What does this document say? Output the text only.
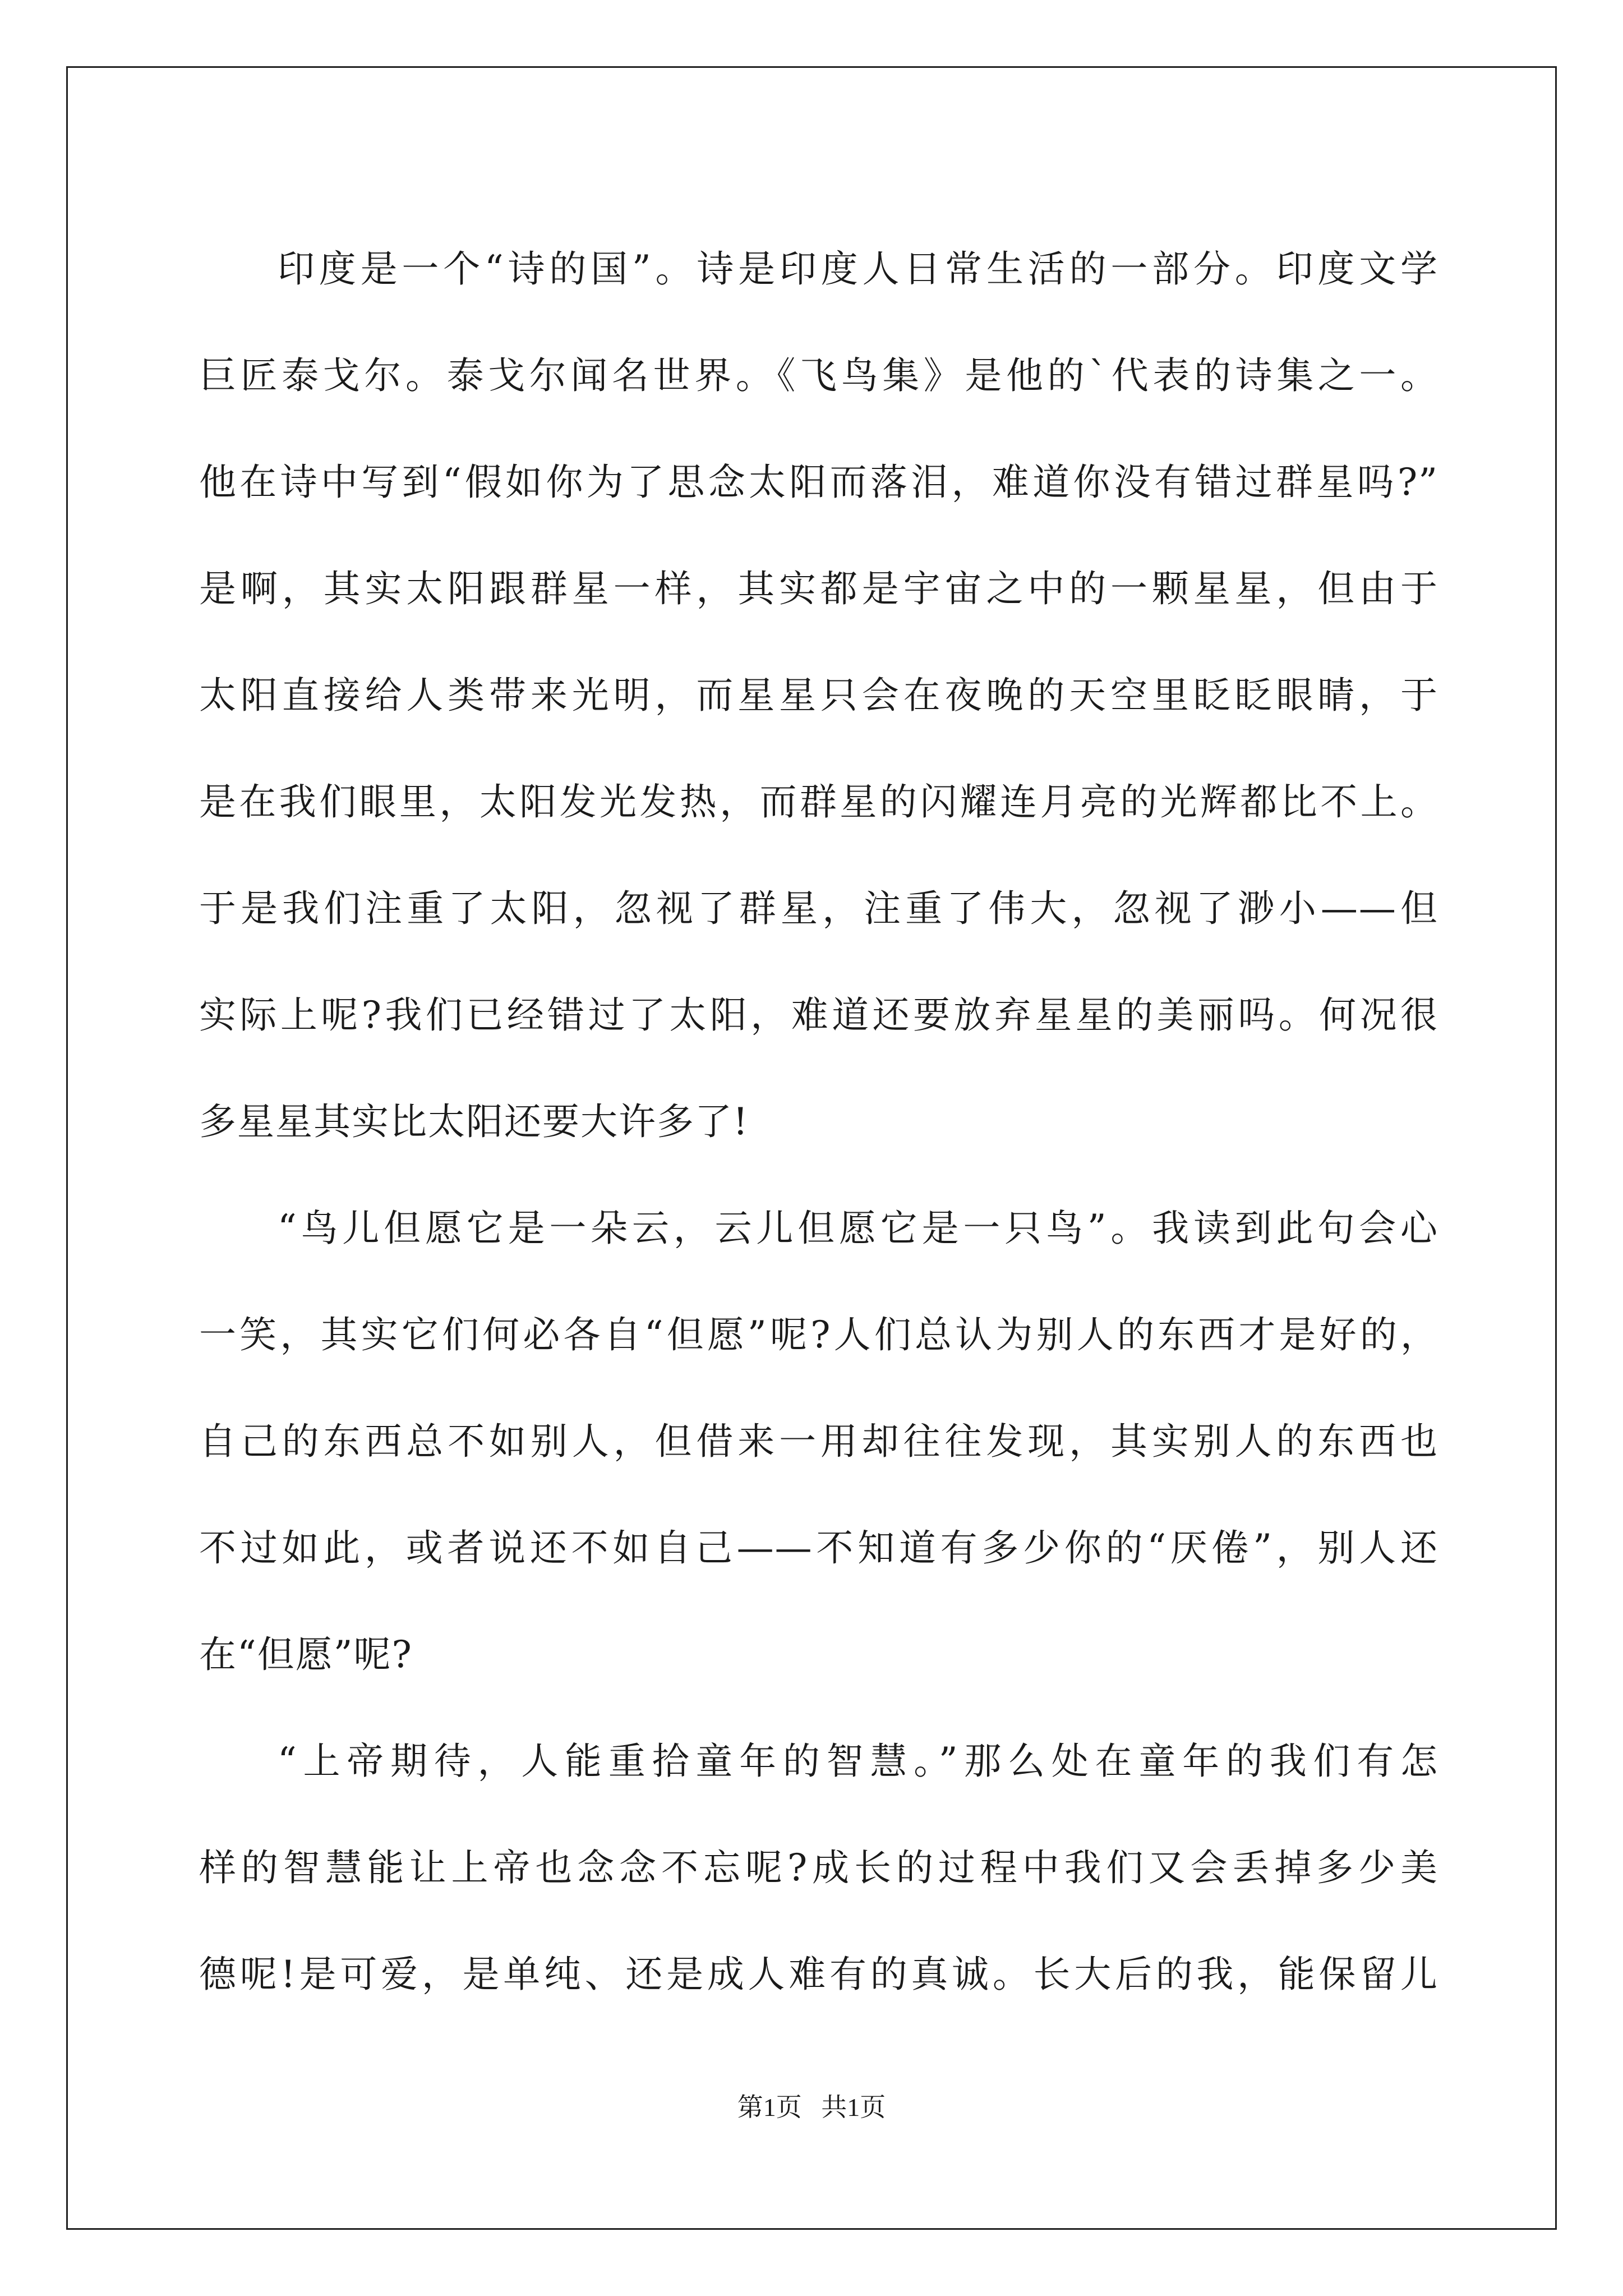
印度是一个“诗的国”。诗是印度人日常生活的一部分。印度文学
巨匠泰戈尔。泰戈尔闻名世界。《飞鸟集》是他的`代表的诗集之一。
他在诗中写到“假如你为了思念太阳而落泪，难道你没有错过群星吗?”
是啊，其实太阳跟群星一样，其实都是宇宙之中的一颗星星，但由于
太阳直接给人类带来光明，而星星只会在夜晚的天空里眨眨眼睛，于
是在我们眼里，太阳发光发热，而群星的闪耀连月亮的光辉都比不上。
于是我们注重了太阳，忽视了群星，注重了伟大，忽视了渺小——但
实际上呢?我们已经错过了太阳，难道还要放弃星星的美丽吗。何况很
多星星其实比太阳还要大许多了!
“鸟儿但愿它是一朵云，云儿但愿它是一只鸟”。我读到此句会心
一笑，其实它们何必各自“但愿”呢?人们总认为别人的东西才是好的，
自己的东西总不如别人，但借来一用却往往发现，其实别人的东西也
不过如此，或者说还不如自己——不知道有多少你的“厌倦”，别人还
在“但愿”呢?
“上帝期待，人能重拾童年的智慧。”那么处在童年的我们有怎
样的智慧能让上帝也念念不忘呢?成长的过程中我们又会丢掉多少美
德呢!是可爱，是单纯、还是成人难有的真诚。长大后的我，能保留儿
第1页   共1页
